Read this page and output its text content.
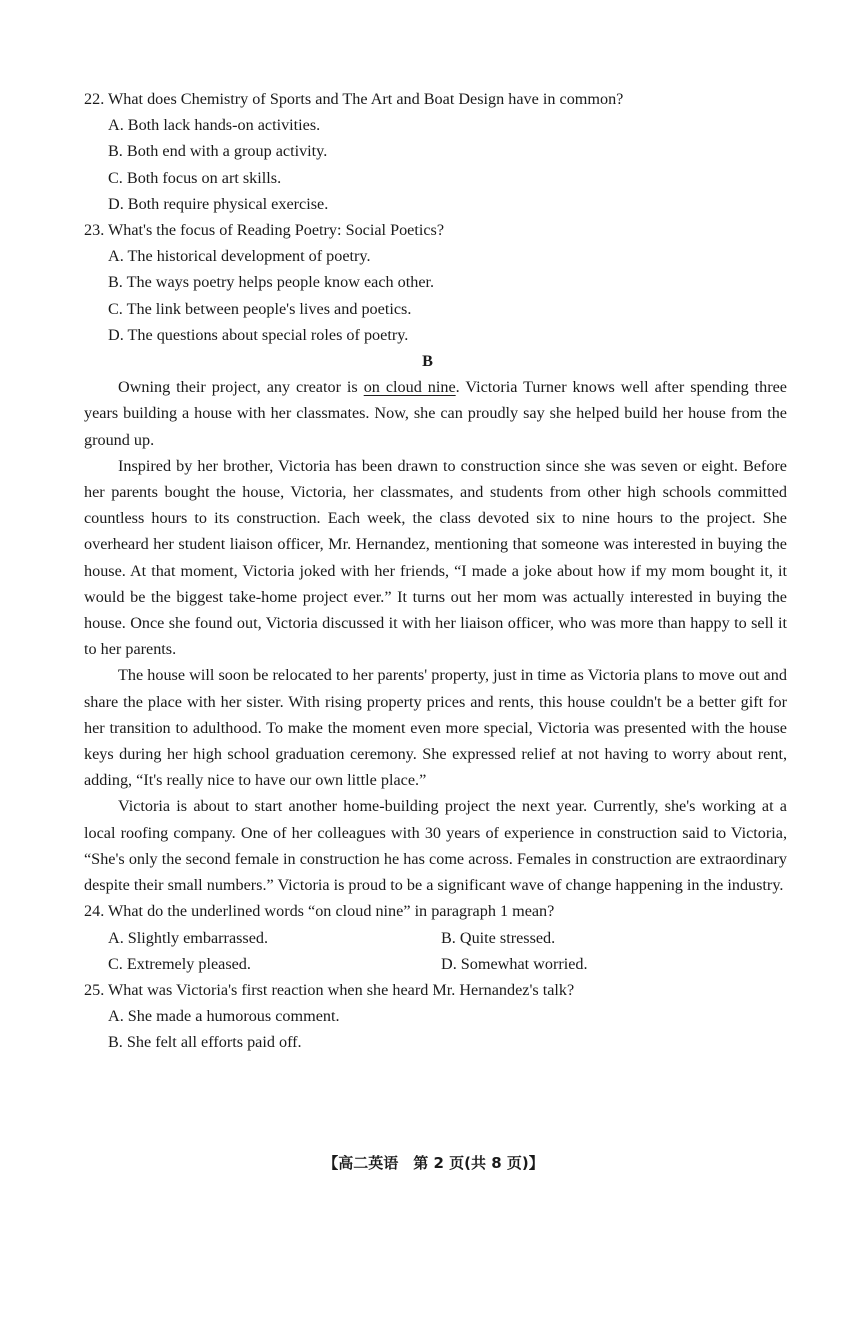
22. What does Chemistry of Sports and The Art and Boat Design have in common?
A. Both lack hands-on activities.
B. Both end with a group activity.
C. Both focus on art skills.
D. Both require physical exercise.
23. What's the focus of Reading Poetry: Social Poetics?
A. The historical development of poetry.
B. The ways poetry helps people know each other.
C. The link between people's lives and poetics.
D. The questions about special roles of poetry.
B
Owning their project, any creator is on cloud nine. Victoria Turner knows well after spending three years building a house with her classmates. Now, she can proudly say she helped build her house from the ground up.
Inspired by her brother, Victoria has been drawn to construction since she was seven or eight. Before her parents bought the house, Victoria, her classmates, and students from other high schools committed countless hours to its construction. Each week, the class devoted six to nine hours to the project. She overheard her student liaison officer, Mr. Hernandez, mentioning that someone was interested in buying the house. At that moment, Victoria joked with her friends, “I made a joke about how if my mom bought it, it would be the biggest take-home project ever.” It turns out her mom was actually interested in buying the house. Once she found out, Victoria discussed it with her liaison officer, who was more than happy to sell it to her parents.
The house will soon be relocated to her parents' property, just in time as Victoria plans to move out and share the place with her sister. With rising property prices and rents, this house couldn't be a better gift for her transition to adulthood. To make the moment even more special, Victoria was presented with the house keys during her high school graduation ceremony. She expressed relief at not having to worry about rent, adding, “It's really nice to have our own little place.”
Victoria is about to start another home-building project the next year. Currently, she's working at a local roofing company. One of her colleagues with 30 years of experience in construction said to Victoria, “She's only the second female in construction he has come across. Females in construction are extraordinary despite their small numbers.” Victoria is proud to be a significant wave of change happening in the industry.
24. What do the underlined words “on cloud nine” in paragraph 1 mean?
A. Slightly embarrassed.	B. Quite stressed.
C. Extremely pleased.	D. Somewhat worried.
25. What was Victoria's first reaction when she heard Mr. Hernandez's talk?
A. She made a humorous comment.
B. She felt all efforts paid off.
【高二英语　第 2 页(共 8 页)】
